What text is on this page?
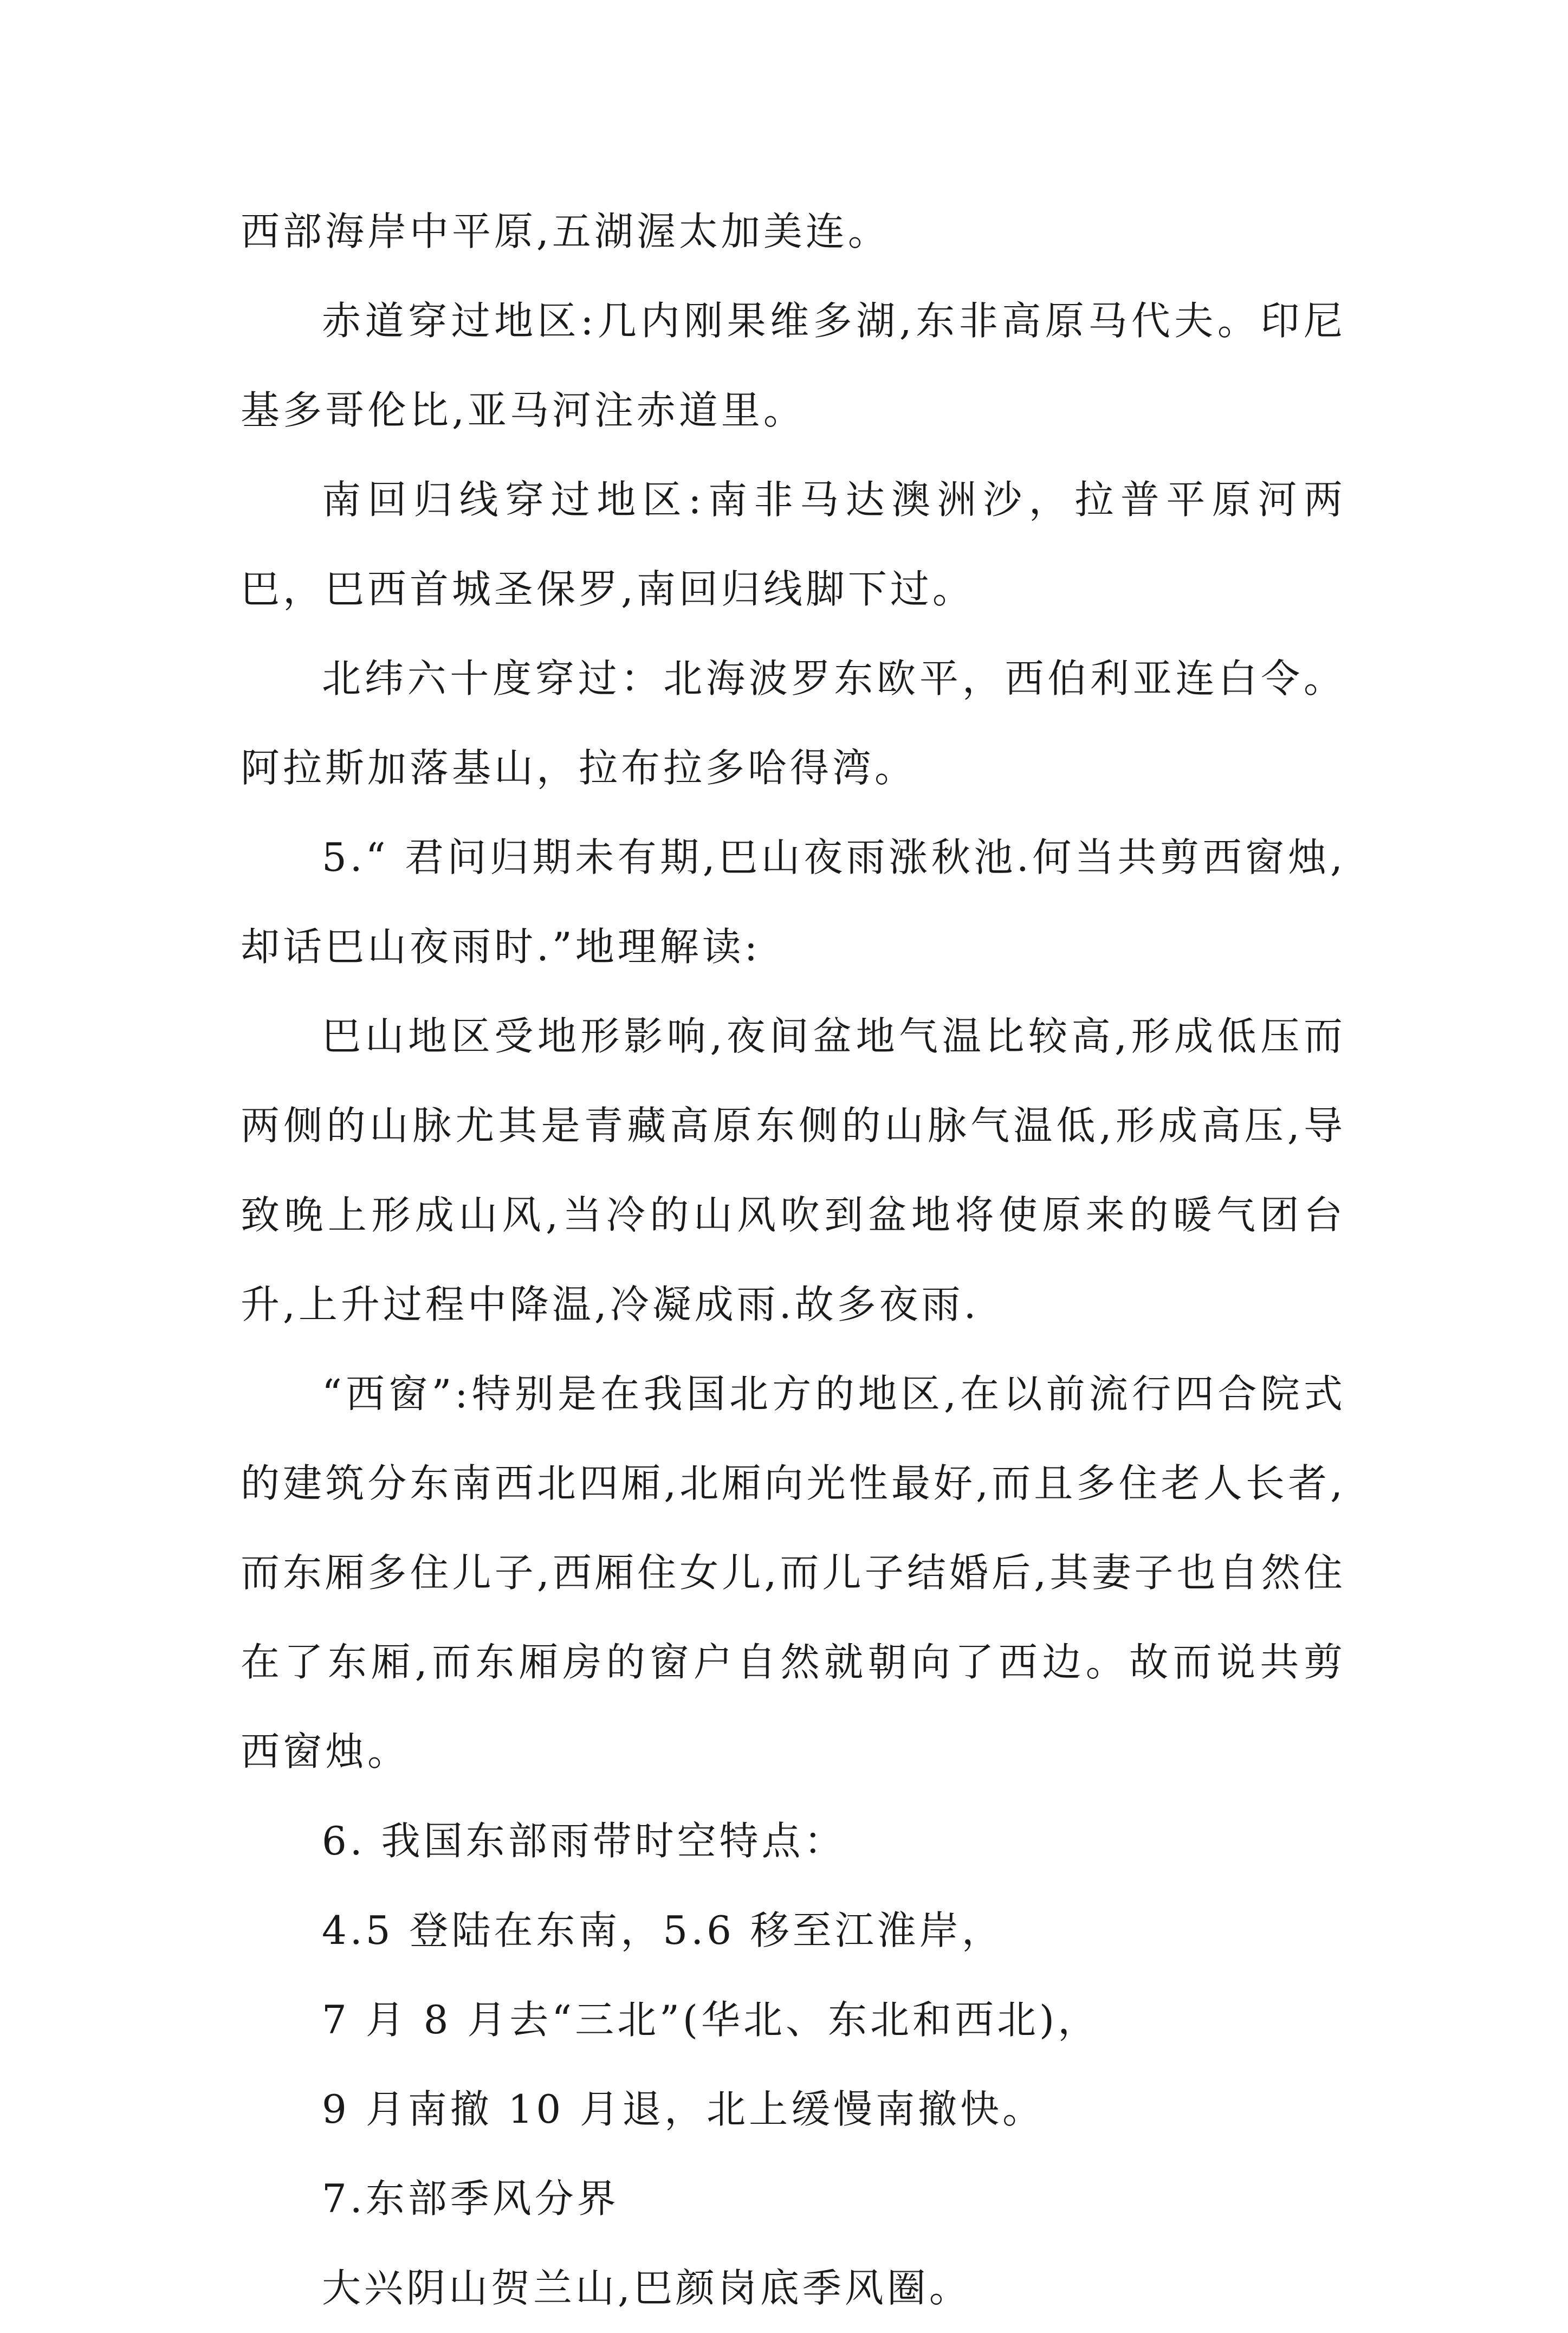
西部海岸中平原,五湖渥太加美连。

赤道穿过地区:几内刚果维多湖,东非高原马代夫。印尼基多哥伦比,亚马河注赤道里。

南回归线穿过地区:南非马达澳洲沙，拉普平原河两巴，巴西首城圣保罗,南回归线脚下过。

北纬六十度穿过：北海波罗东欧平，西伯利亚连白令。阿拉斯加落基山，拉布拉多哈得湾。

5.“ 君问归期未有期,巴山夜雨涨秋池.何当共剪西窗烛,却话巴山夜雨时.”地理解读:

巴山地区受地形影响,夜间盆地气温比较高,形成低压而两侧的山脉尤其是青藏高原东侧的山脉气温低,形成高压,导致晚上形成山风,当冷的山风吹到盆地将使原来的暖气团台升,上升过程中降温,冷凝成雨.故多夜雨.

“西窗”:特别是在我国北方的地区,在以前流行四合院式的建筑分东南西北四厢,北厢向光性最好,而且多住老人长者,而东厢多住儿子,西厢住女儿,而儿子结婚后,其妻子也自然住在了东厢,而东厢房的窗户自然就朝向了西边。故而说共剪西窗烛。

6. 我国东部雨带时空特点：

4.5 登陆在东南，5.6 移至江淮岸，

7 月 8 月去“三北”(华北、东北和西北)，

9 月南撤 10 月退，北上缓慢南撤快。

7.东部季风分界

大兴阴山贺兰山,巴颜岗底季风圈。
